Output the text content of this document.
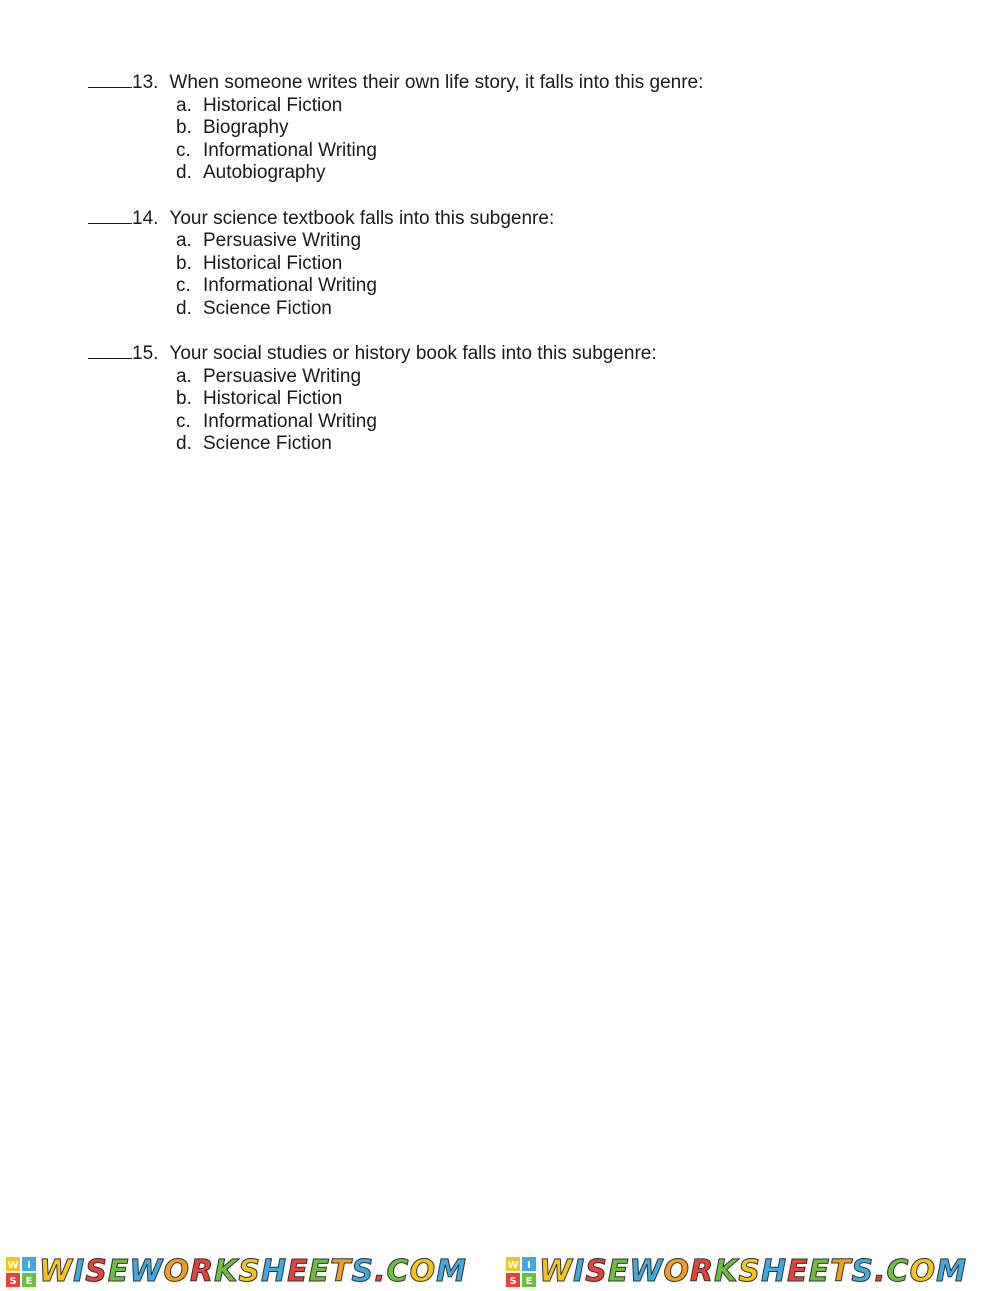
13. When someone writes their own life story, it falls into this genre:
a. Historical Fiction
b. Biography
c. Informational Writing
d. Autobiography
14. Your science textbook falls into this subgenre:
a. Persuasive Writing
b. Historical Fiction
c. Informational Writing
d. Science Fiction
15. Your social studies or history book falls into this subgenre:
a. Persuasive Writing
b. Historical Fiction
c. Informational Writing
d. Science Fiction
W I
S E WISEWORKSHEETS.COM	W I
S E WISEWORKSHEETS.COM
